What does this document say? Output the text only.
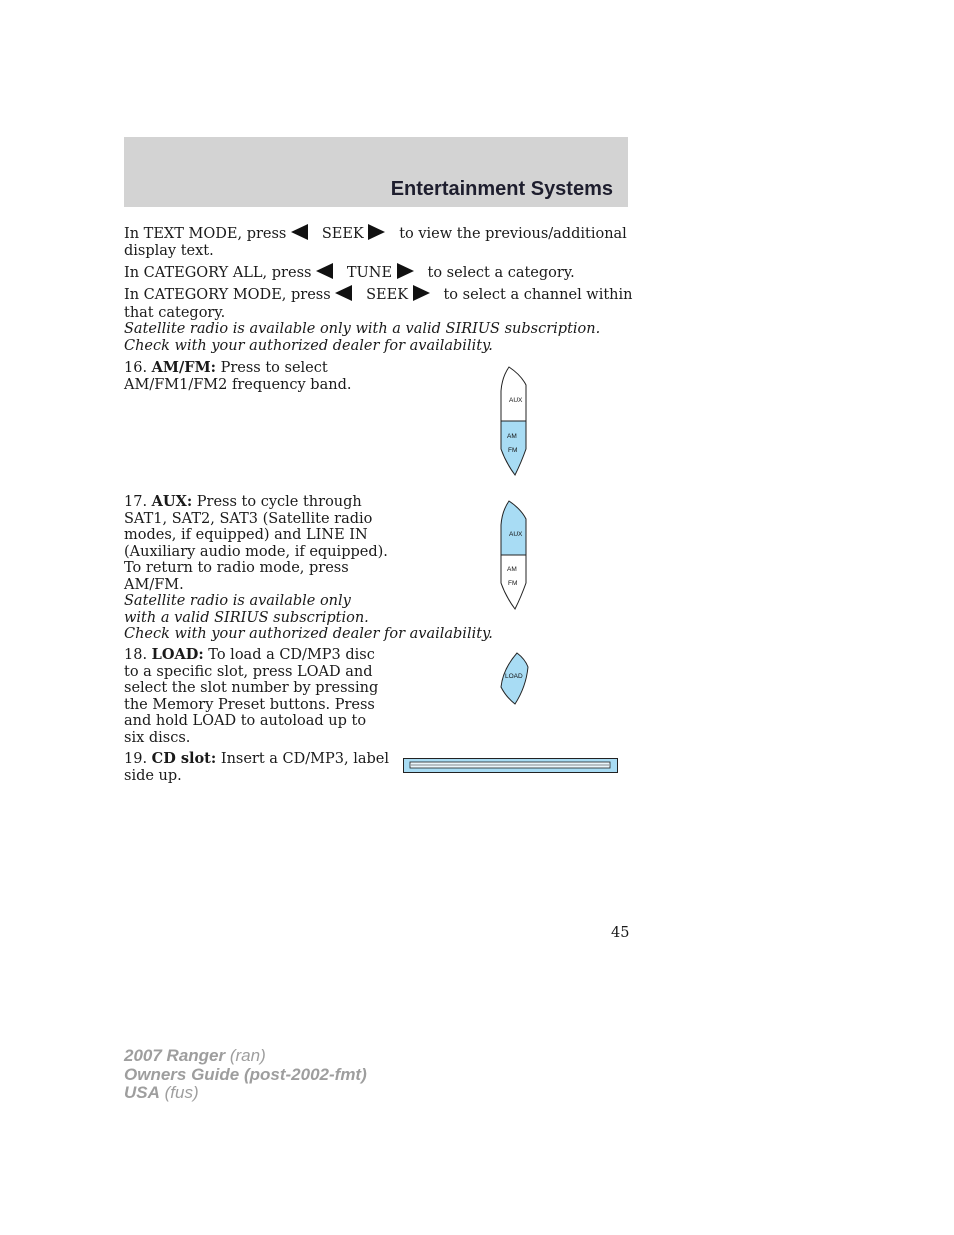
Entertainment Systems
In TEXT MODE, press SEEK to view the previous/additional
display text.
In CATEGORY ALL, press TUNE to select a category.
In CATEGORY MODE, press SEEK to select a channel within
that category.
Satellite radio is available only with a valid SIRIUS subscription.
Check with your authorized dealer for availability.
16. AM/FM: Press to select
AM/FM1/FM2 frequency band.
AUX
AM
FM
17. AUX: Press to cycle through
SAT1, SAT2, SAT3 (Satellite radio
modes, if equipped) and LINE IN
(Auxiliary audio mode, if equipped).
To return to radio mode, press
AM/FM.
Satellite radio is available only
with a valid SIRIUS subscription.
Check with your authorized dealer for availability.
AUX
AM
FM
18. LOAD: To load a CD/MP3 disc
to a specific slot, press LOAD and
select the slot number by pressing
the Memory Preset buttons. Press
and hold LOAD to autoload up to
six discs.
LOAD
19. CD slot: Insert a CD/MP3, label
side up.
45
2007 Ranger (ran)
Owners Guide (post-2002-fmt)
USA (fus)
